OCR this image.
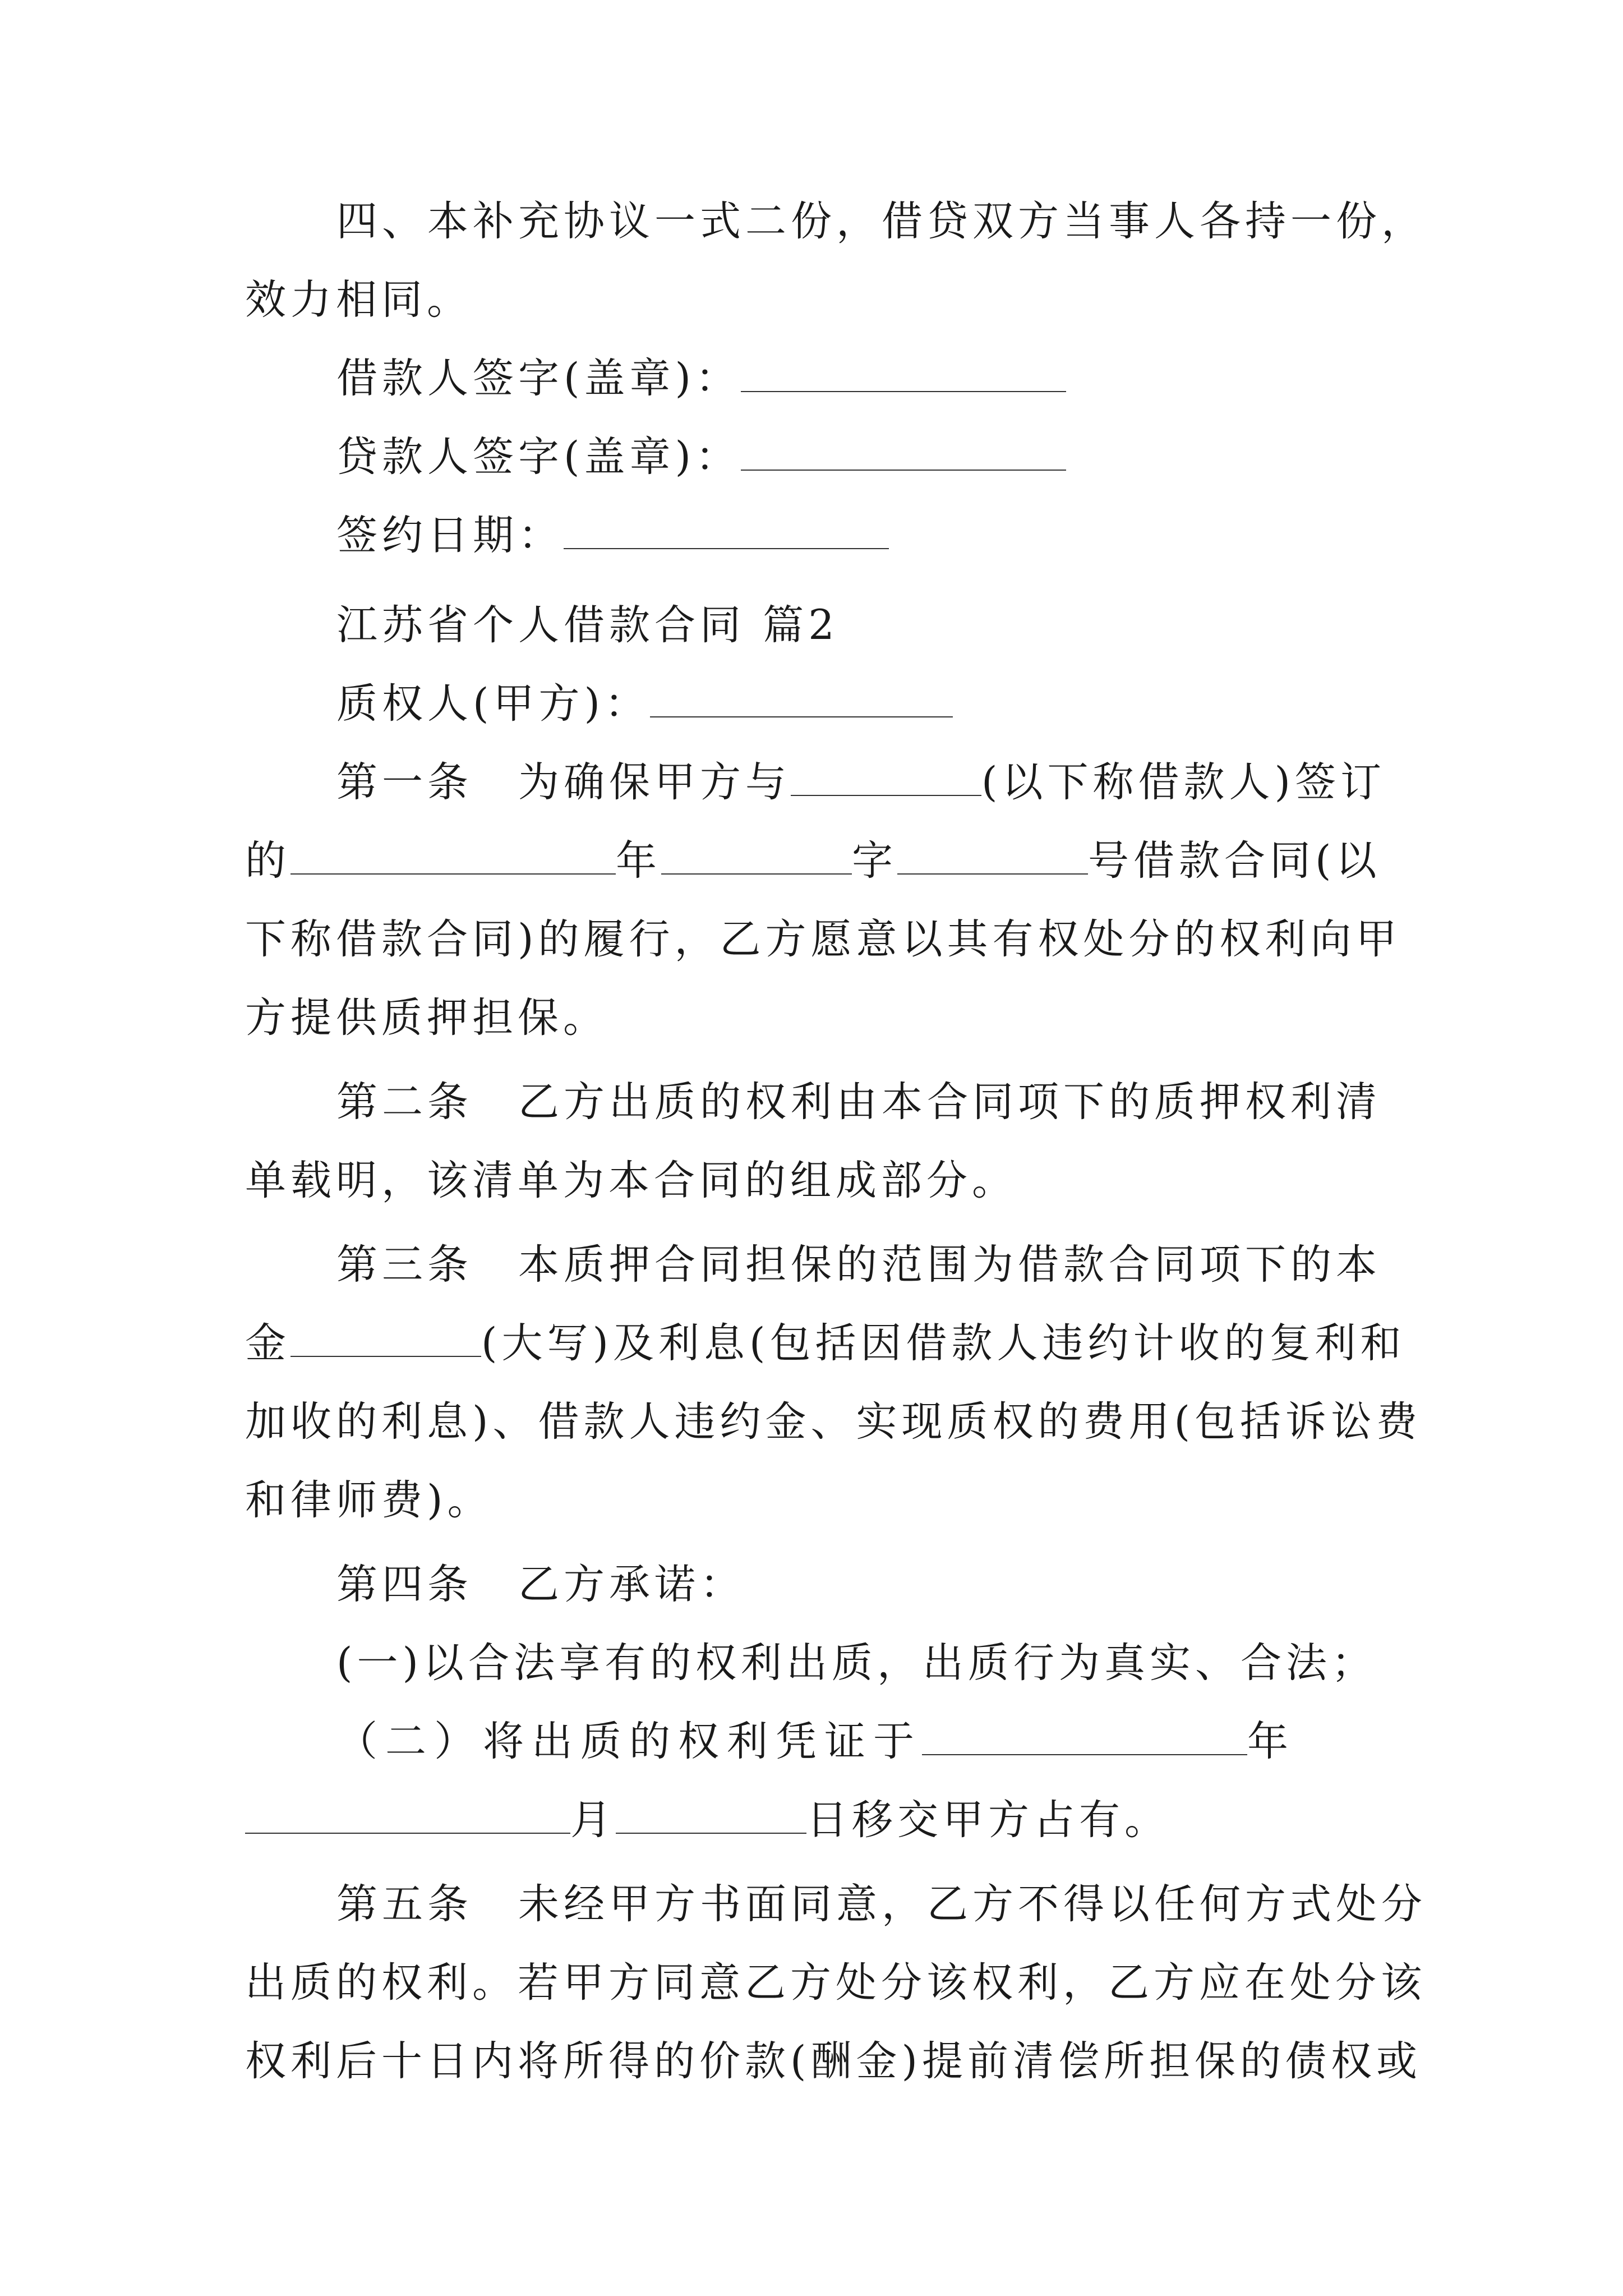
四、本补充协议一式二份，借贷双方当事人各持一份，
效力相同。
借款人签字(盖章)：
贷款人签字(盖章)：
签约日期：
江苏省个人借款合同 篇2
质权人(甲方)：
第一条　为确保甲方与	(以下称借款人)签订
的	年	字	号借款合同(以
下称借款合同)的履行，乙方愿意以其有权处分的权利向甲
方提供质押担保。
第二条　乙方出质的权利由本合同项下的质押权利清
单载明，该清单为本合同的组成部分。
第三条　本质押合同担保的范围为借款合同项下的本
金	(大写)及利息(包括因借款人违约计收的复利和
加收的利息)、借款人违约金、实现质权的费用(包括诉讼费
和律师费)。
第四条　乙方承诺：
(一)以合法享有的权利出质，出质行为真实、合法；
（二）将出质的权利凭证于	年
月	日移交甲方占有。
第五条　未经甲方书面同意，乙方不得以任何方式处分
出质的权利。若甲方同意乙方处分该权利，乙方应在处分该
权利后十日内将所得的价款(酬金)提前清偿所担保的债权或
